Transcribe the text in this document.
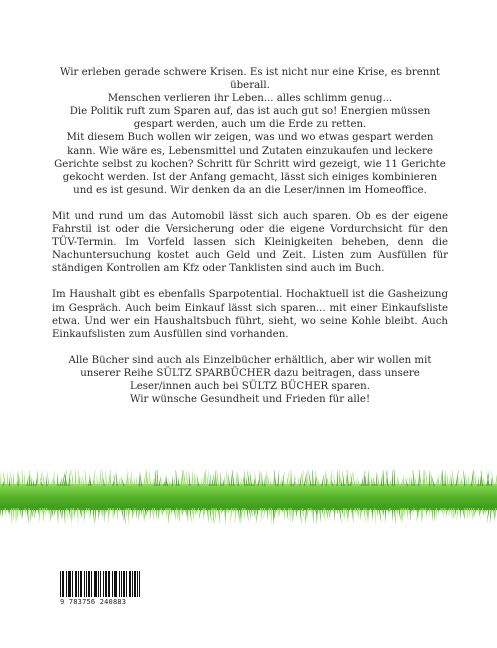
Wir erleben gerade schwere Krisen. Es ist nicht nur eine Krise, es brennt überall.
Menschen verlieren ihr Leben... alles schlimm genug...
Die Politik ruft zum Sparen auf, das ist auch gut so! Energien müssen gespart werden, auch um die Erde zu retten.
Mit diesem Buch wollen wir zeigen, was und wo etwas gespart werden kann. Wie wäre es, Lebensmittel und Zutaten einzukaufen und leckere Gerichte selbst zu kochen? Schritt für Schritt wird gezeigt, wie 11 Gerichte gekocht werden. Ist der Anfang gemacht, lässt sich einiges kombinieren und es ist gesund. Wir denken da an die Leser/innen im Homeoffice.

Mit und rund um das Automobil lässt sich auch sparen. Ob es der eigene Fahrstil ist oder die Versicherung oder die eigene Vordurchsicht für den TÜV-Termin. Im Vorfeld lassen sich Kleinigkeiten beheben, denn die Nachuntersuchung kostet auch Geld und Zeit. Listen zum Ausfüllen für ständigen Kontrollen am Kfz oder Tanklisten sind auch im Buch.

Im Haushalt gibt es ebenfalls Sparpotential. Hochaktuell ist die Gasheizung im Gespräch. Auch beim Einkauf lässt sich sparen... mit einer Einkaufsliste etwa. Und wer ein Haushaltsbuch führt, sieht, wo seine Kohle bleibt. Auch Einkaufslisten zum Ausfüllen sind vorhanden.

Alle Bücher sind auch als Einzelbücher erhältlich, aber wir wollen mit unserer Reihe SÜLTZ SPARBÜCHER dazu beitragen, dass unsere Leser/innen auch bei SÜLTZ BÜCHER sparen.
Wir wünsche Gesundheit und Frieden für alle!

9 783756 240883
